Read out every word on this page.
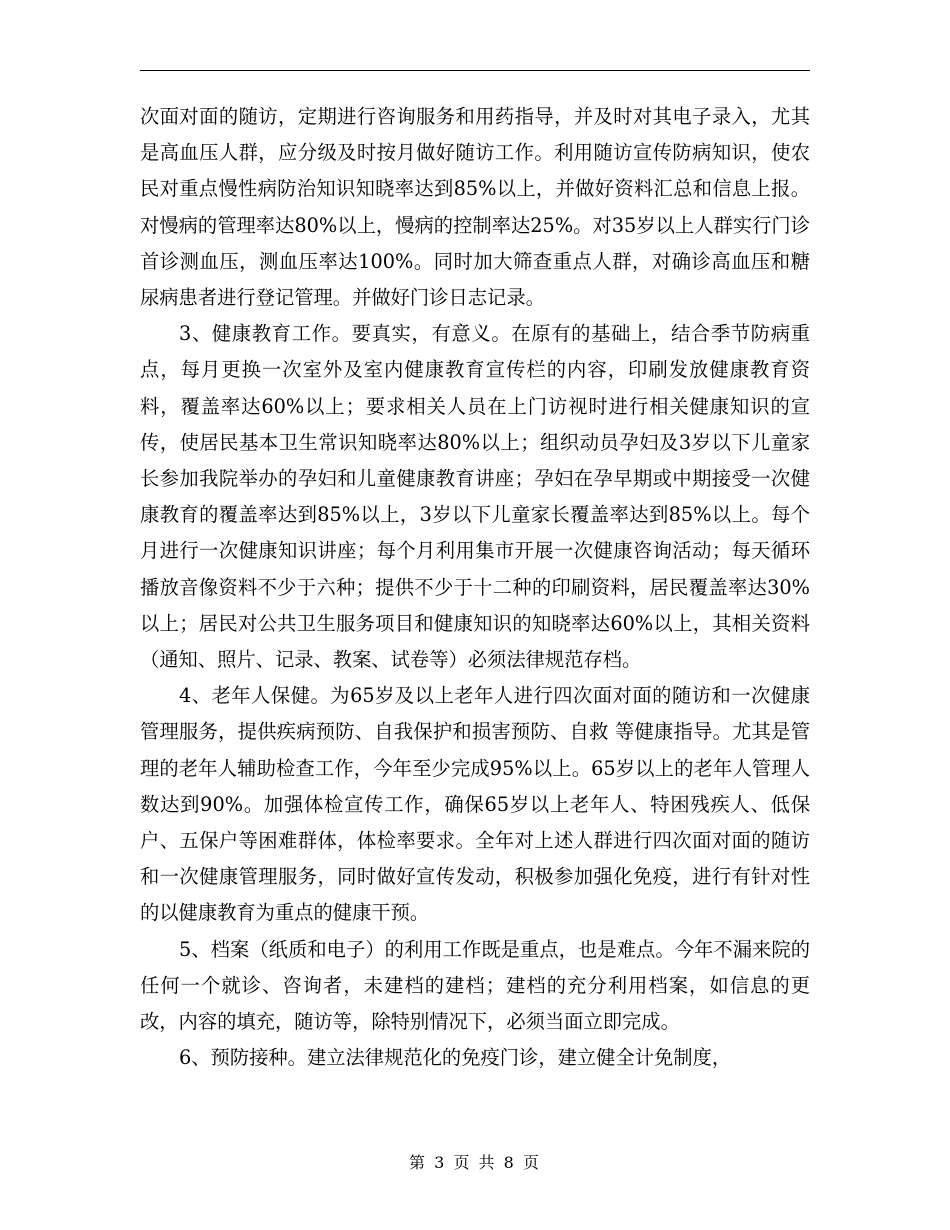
次面对面的随访，定期进行咨询服务和用药指导，并及时对其电子录入，尤其是高血压人群，应分级及时按月做好随访工作。利用随访宣传防病知识，使农民对重点慢性病防治知识知晓率达到85%以上，并做好资料汇总和信息上报。对慢病的管理率达80%以上，慢病的控制率达25%。对35岁以上人群实行门诊首诊测血压，测血压率达100%。同时加大筛查重点人群，对确诊高血压和糖尿病患者进行登记管理。并做好门诊日志记录。

3、健康教育工作。要真实，有意义。在原有的基础上，结合季节防病重点，每月更换一次室外及室内健康教育宣传栏的内容，印刷发放健康教育资料，覆盖率达60%以上；要求相关人员在上门访视时进行相关健康知识的宣传，使居民基本卫生常识知晓率达80%以上；组织动员孕妇及3岁以下儿童家长参加我院举办的孕妇和儿童健康教育讲座；孕妇在孕早期或中期接受一次健康教育的覆盖率达到85%以上，3岁以下儿童家长覆盖率达到85%以上。每个月进行一次健康知识讲座；每个月利用集市开展一次健康咨询活动；每天循环播放音像资料不少于六种；提供不少于十二种的印刷资料，居民覆盖率达30%以上；居民对公共卫生服务项目和健康知识的知晓率达60%以上，其相关资料（通知、照片、记录、教案、试卷等）必须法律规范存档。

4、老年人保健。为65岁及以上老年人进行四次面对面的随访和一次健康管理服务，提供疾病预防、自我保护和损害预防、自救 等健康指导。尤其是管理的老年人辅助检查工作，今年至少完成95%以上。65岁以上的老年人管理人数达到90%。加强体检宣传工作，确保65岁以上老年人、特困残疾人、低保户、五保户等困难群体，体检率要求。全年对上述人群进行四次面对面的随访和一次健康管理服务，同时做好宣传发动，积极参加强化免疫，进行有针对性的以健康教育为重点的健康干预。

5、档案（纸质和电子）的利用工作既是重点，也是难点。今年不漏来院的任何一个就诊、咨询者，未建档的建档；建档的充分利用档案，如信息的更改，内容的填充，随访等，除特别情况下，必须当面立即完成。

6、预防接种。建立法律规范化的免疫门诊，建立健全计免制度，

第 3 页 共 8 页
